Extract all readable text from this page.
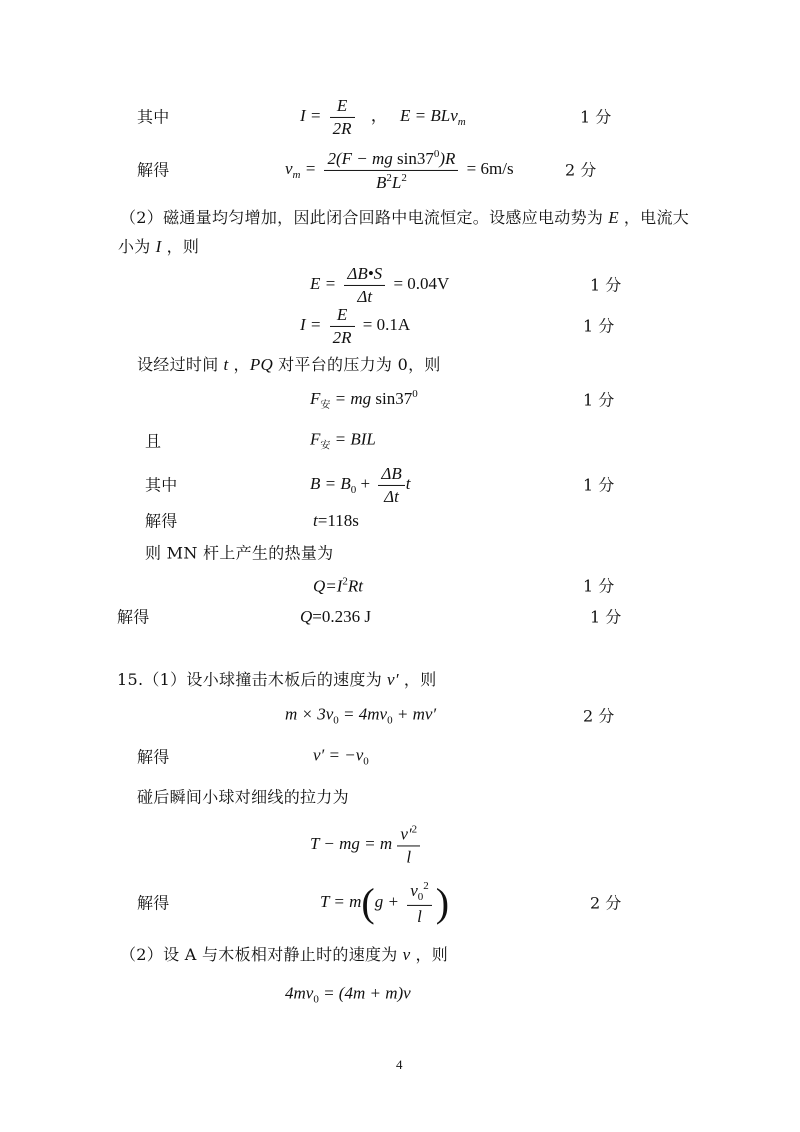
其中	$I = \frac{E}{2R}$ ， E = BLv$_m$	1 分
解得	$v_m = \frac{2(F - mg \sin 37^0)R}{B^2L^2} = 6m/s$	2 分
（2）磁通量均匀增加，因此闭合回路中电流恒定。设感应电动势为 E ，电流大
小为 I ，则
$E = \frac{\Delta B•S}{\Delta t} = 0.04V$	1 分
$I = \frac{E}{2R} = 0.1A$	1 分
设经过时间 t ，PQ 对平台的压力为 0，则
$F_安$ = mg $\sin 37^0$	1 分
且	$F_安$ = BIL
其中	$B = B_0 + \frac{\Delta B}{\Delta t}$ t	1 分
解得	t=118s
则 MN 杆上产生的热量为
$Q=I^2Rt$	1 分
解得	Q=0.236 J	1 分
15.（1）设小球撞击木板后的速度为 v′ ，则
$m \times 3v_0 = 4mv_0 + mv'$	2 分
解得	$v' = -v_0$
碰后瞬间小球对细线的拉力为
T − mg = m $\frac{v'^2}{l}$
解得	$T = m(g + \frac{v_0^2}{l}$ )	2 分
（2）设 A 与木板相对静止时的速度为 v ，则
$4mv_0 = (4m + m)v$
4
